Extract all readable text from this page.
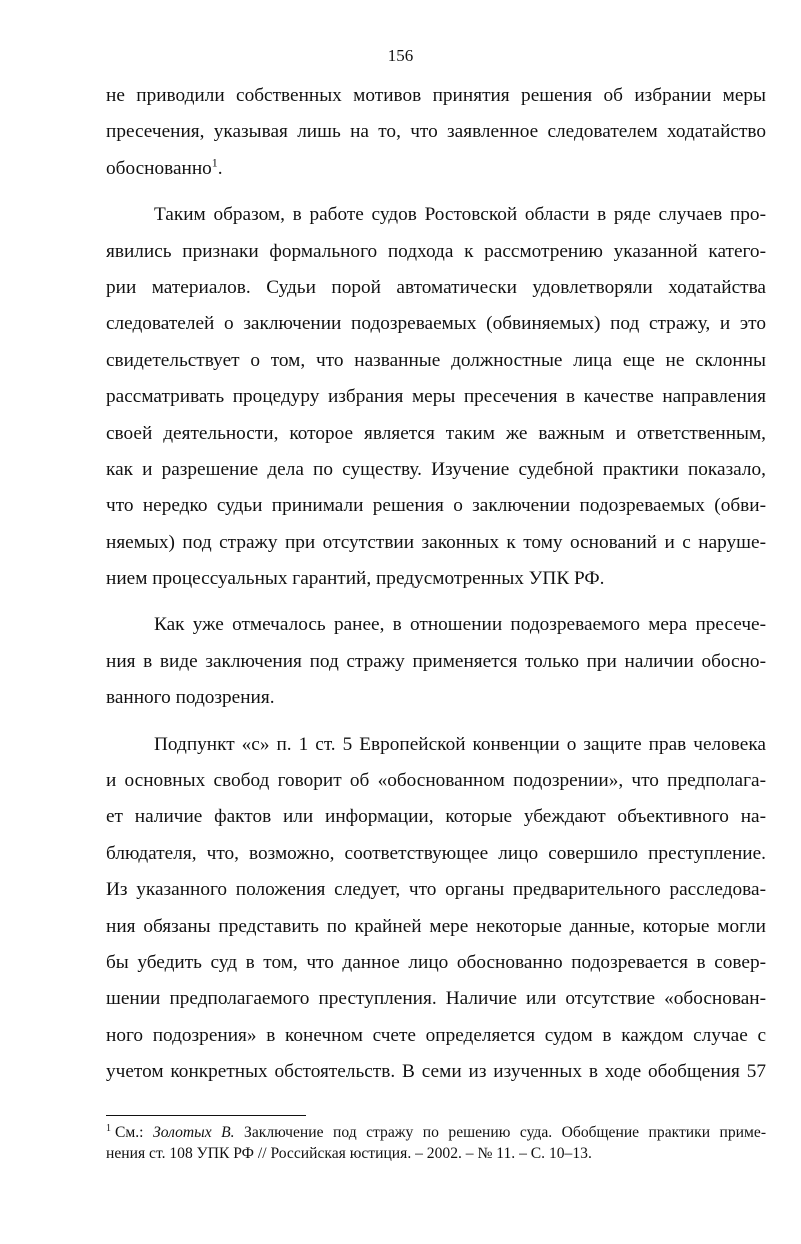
156
не приводили собственных мотивов принятия решения об избрании меры
пресечения, указывая лишь на то, что заявленное следователем ходатайство
обоснованно$^1$.
Таким образом, в работе судов Ростовской области в ряде случаев про-
явились признаки формального подхода к рассмотрению указанной катего-
рии материалов. Судьи порой автоматически удовлетворяли ходатайства
следователей о заключении подозреваемых (обвиняемых) под стражу, и это
свидетельствует о том, что названные должностные лица еще не склонны
рассматривать процедуру избрания меры пресечения в качестве направления
своей деятельности, которое является таким же важным и ответственным,
как и разрешение дела по существу. Изучение судебной практики показало,
что нередко судьи принимали решения о заключении подозреваемых (обви-
няемых) под стражу при отсутствии законных к тому оснований и с наруше-
нием процессуальных гарантий, предусмотренных УПК РФ.
Как уже отмечалось ранее, в отношении подозреваемого мера пресече-
ния в виде заключения под стражу применяется только при наличии обосно-
ванного подозрения.
Подпункт «с» п. 1 ст. 5 Европейской конвенции о защите прав человека
и основных свобод говорит об «обоснованном подозрении», что предполага-
ет наличие фактов или информации, которые убеждают объективного на-
блюдателя, что, возможно, соответствующее лицо совершило преступление.
Из указанного положения следует, что органы предварительного расследова-
ния обязаны представить по крайней мере некоторые данные, которые могли
бы убедить суд в том, что данное лицо обоснованно подозревается в совер-
шении предполагаемого преступления. Наличие или отсутствие «обоснован-
ного подозрения» в конечном счете определяется судом в каждом случае с
учетом конкретных обстоятельств. В семи из изученных в ходе обобщения 57
$^1$ См.: Золотых В. Заключение под стражу по решению суда. Обобщение практики приме-
нения ст. 108 УПК РФ // Российская юстиция. – 2002. – № 11. – С. 10–13.
